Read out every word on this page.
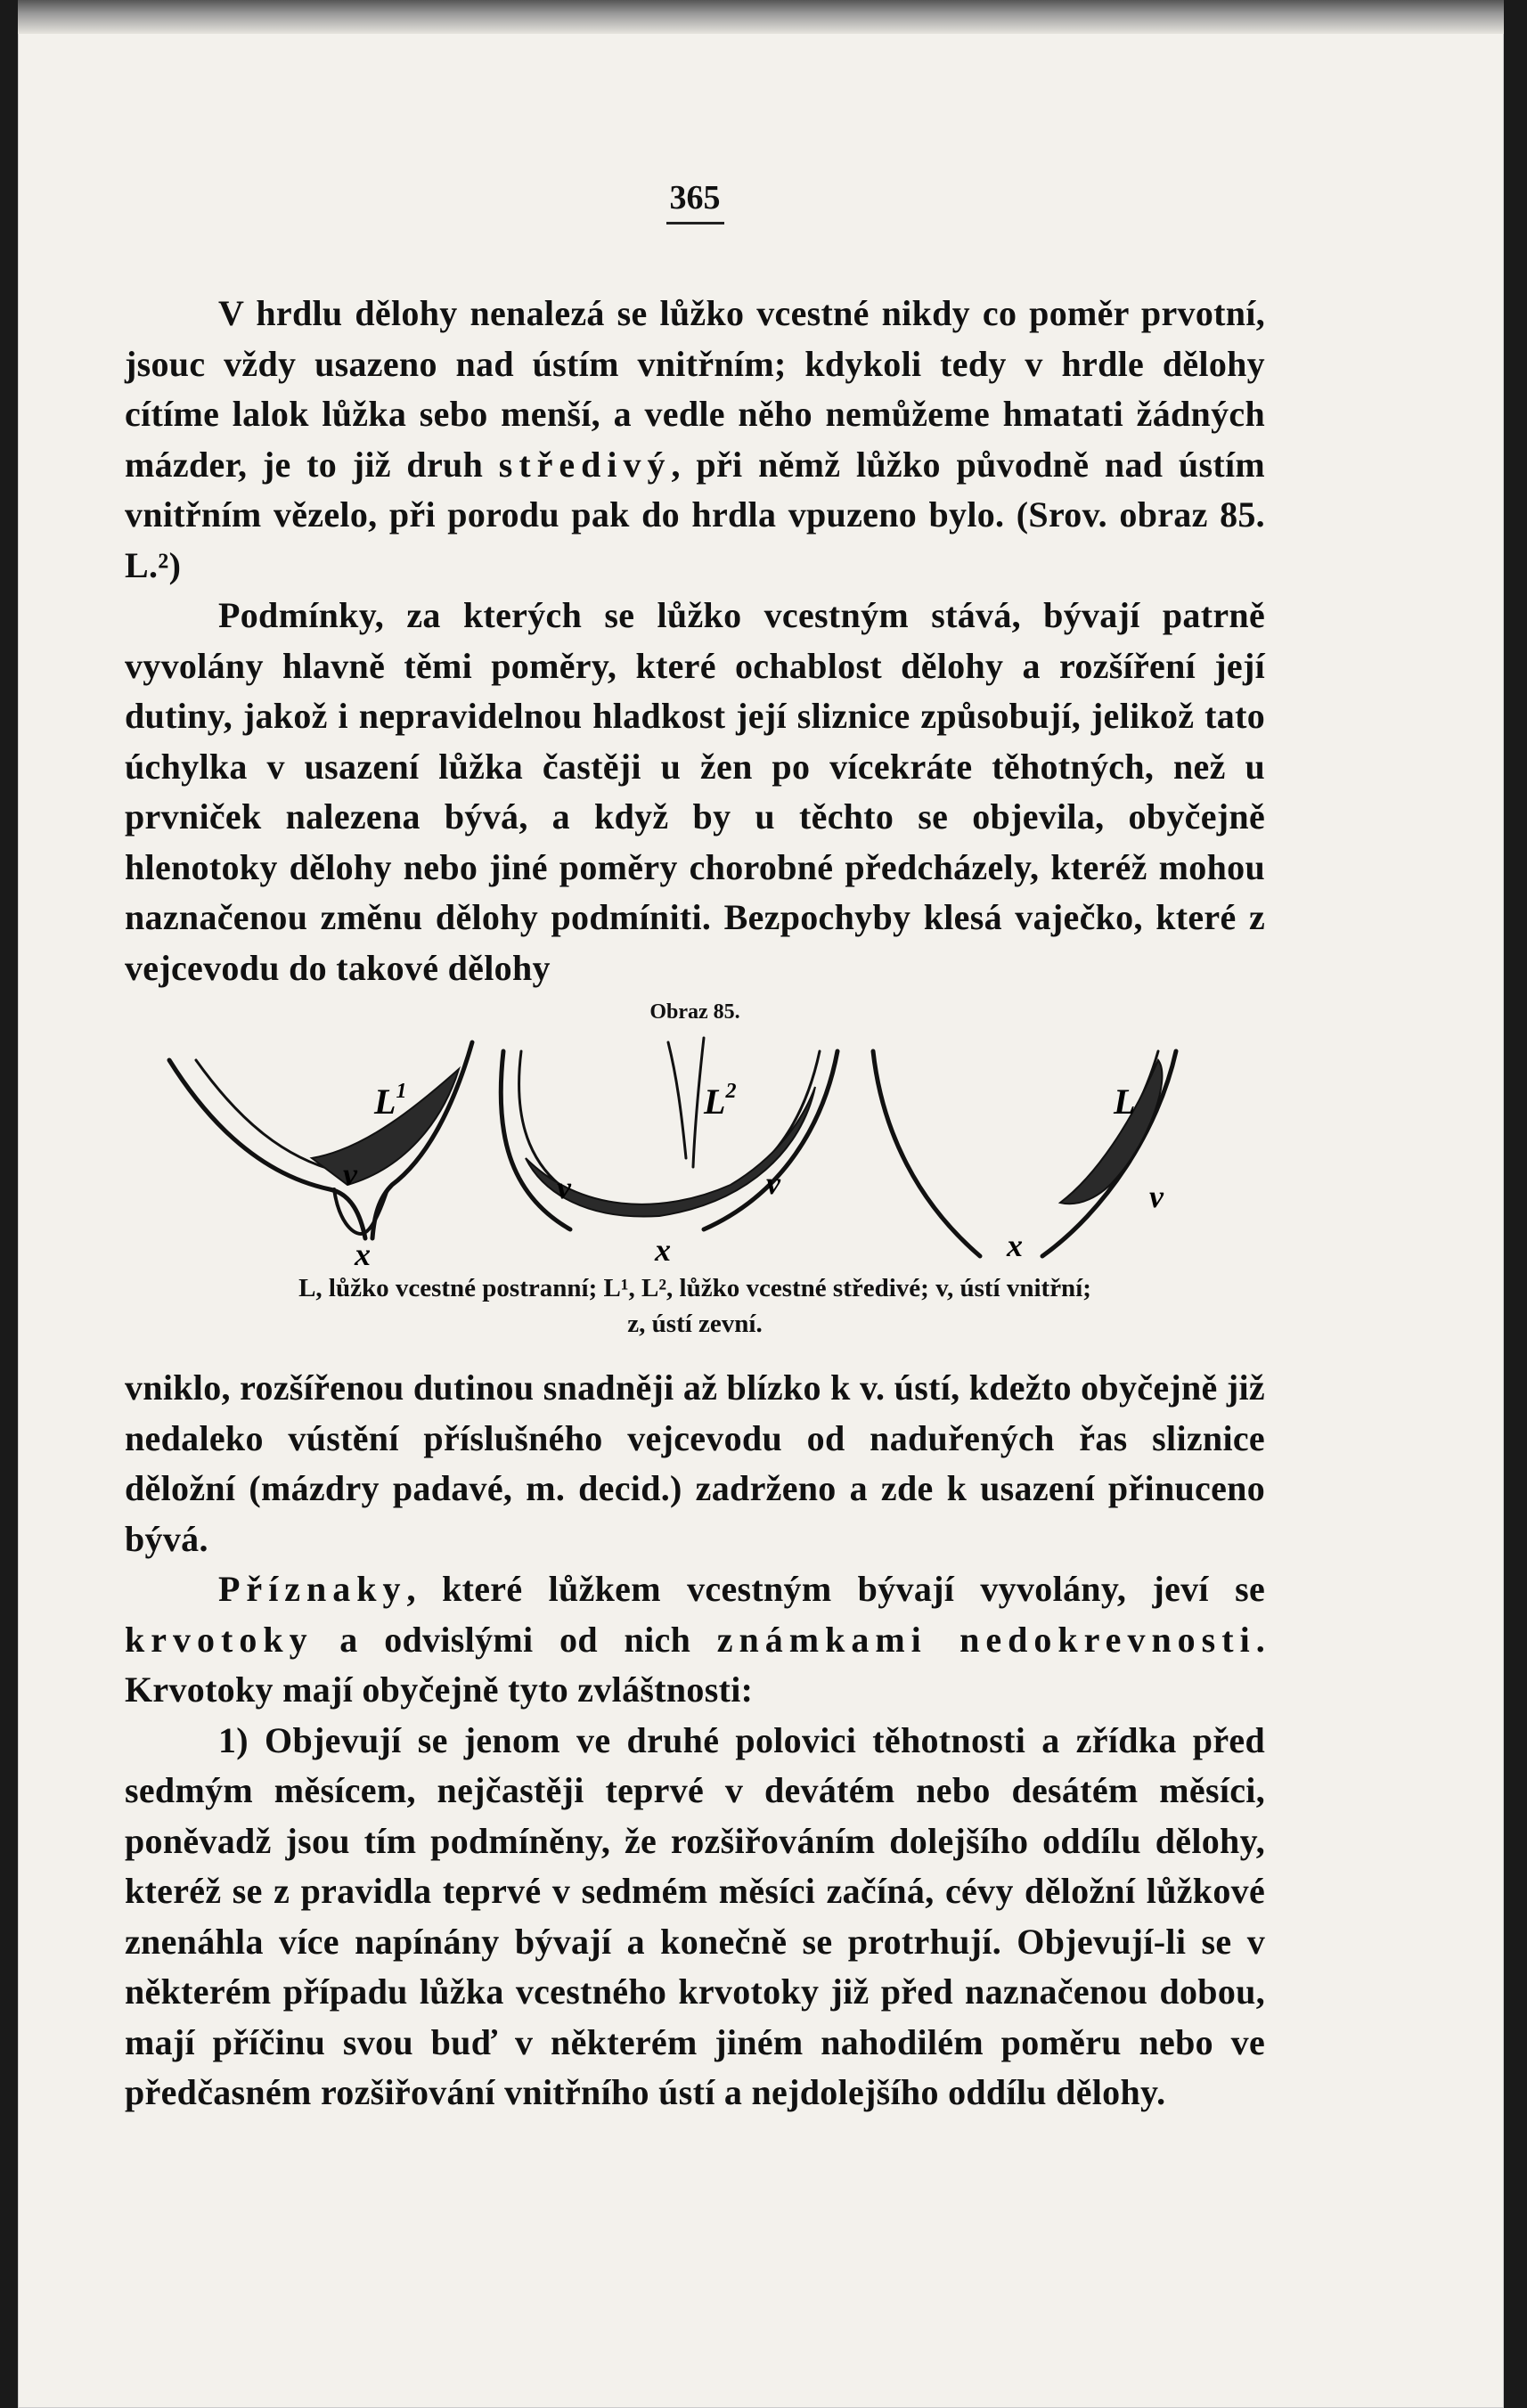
365

V hrdlu dělohy nenalezá se lůžko vcestné nikdy co poměr prvotní, jsouc vždy usazeno nad ústím vnitřním; kdykoli tedy v hrdle dělohy cítíme lalok lůžka sebo menší, a vedle něho nemůžeme hmatati žádných mázder, je to již druh středivý, při němž lůžko původně nad ústím vnitřním vězelo, při porodu pak do hrdla vpuzeno bylo. (Srov. obraz 85. L.²)

Podmínky, za kterých se lůžko vcestným stává, bývají patrně vyvolány hlavně těmi poměry, které ochablost dělohy a rozšíření její dutiny, jakož i nepravidelnou hladkost její sliznice způsobují, jelikož tato úchylka v usazení lůžka častěji u žen po vícekráte těhotných, než u prvniček nalezena bývá, a když by u těchto se objevila, obyčejně hlenotoky dělohy nebo jiné poměry chorobné předcházely, kteréž mohou naznačenou změnu dělohy podmíniti. Bezpochyby klesá vaječko, které z vejcevodu do takové dělohy

Obraz 85.
$L^1$
v
x
$L^2$
v	v
x
L
v
x
L, lůžko vcestné postranní; L¹, L², lůžko vcestné středivé; v, ústí vnitřní;
z, ústí zevní.

vniklo, rozšířenou dutinou snadněji až blízko k v. ústí, kdežto obyčejně již nedaleko vústění příslušného vejcevodu od naduřených řas sliznice děložní (mázdry padavé, m. decid.) zadrženo a zde k usazení přinuceno bývá.

Příznaky, které lůžkem vcestným bývají vyvolány, jeví se krvotoky a odvislými od nich známkami nedokrevnosti. Krvotoky mají obyčejně tyto zvláštnosti:

1) Objevují se jenom ve druhé polovici těhotnosti a zřídka před sedmým měsícem, nejčastěji teprvé v devátém nebo desátém měsíci, poněvadž jsou tím podmíněny, že rozšiřováním dolejšího oddílu dělohy, kteréž se z pravidla teprvé v sedmém měsíci začíná, cévy děložní lůžkové znenáhla více napínány bývají a konečně se protrhují. Objevují-li se v některém případu lůžka vcestného krvotoky již před naznačenou dobou, mají příčinu svou buď v některém jiném nahodilém poměru nebo ve předčasném rozšiřování vnitřního ústí a nejdolejšího oddílu dělohy.
